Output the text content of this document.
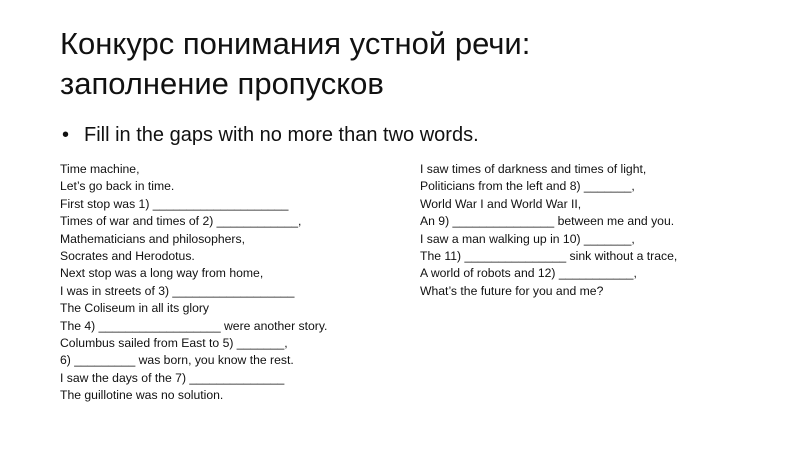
Конкурс понимания устной речи:
заполнение пропусков
• Fill in the gaps with no more than two words.
Time machine,
Let’s go back in time.
First stop was 1) ____________________
Times of war and times of 2) ____________,
Mathematicians and philosophers,
Socrates and Herodotus.
Next stop was a long way from home,
I was in streets of 3) __________________
The Coliseum in all its glory
The 4) __________________ were another story.
Columbus sailed from East to 5) _______,
6) _________ was born, you know the rest.
I saw the days of the 7) ______________
The guillotine was no solution.
I saw times of darkness and times of light,
Politicians from the left and 8) _______,
World War I and World War II,
An 9) _______________ between me and you.
I saw a man walking up in 10) _______,
The 11) _______________ sink without a trace,
A world of robots and 12) ___________,
What’s the future for you and me?
